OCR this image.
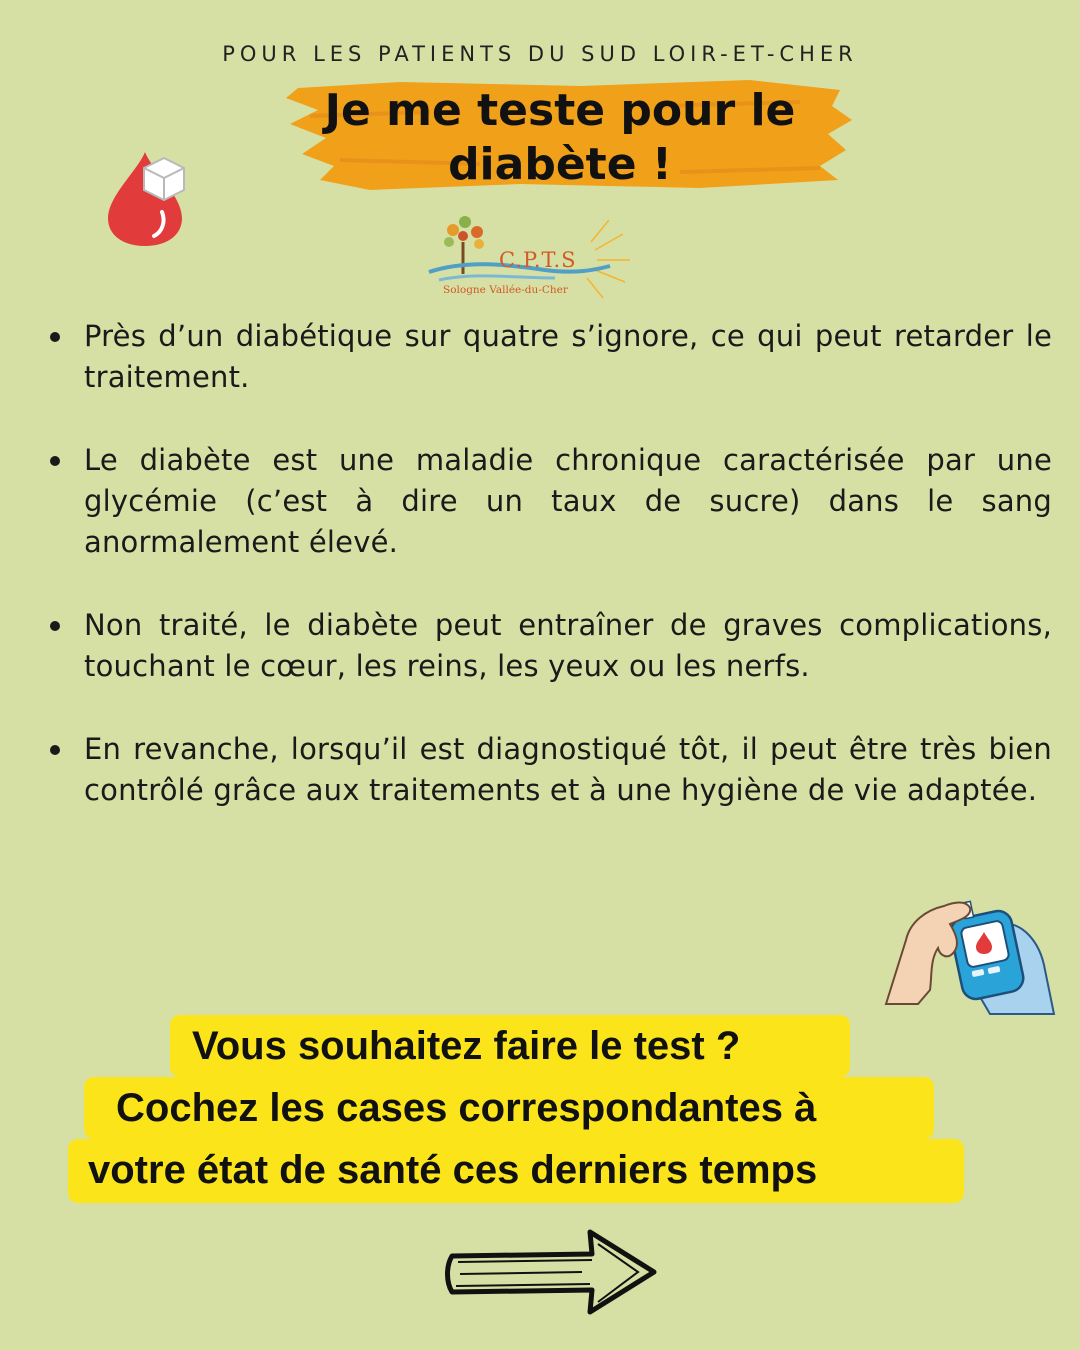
POUR LES PATIENTS DU SUD LOIR-ET-CHER
Je me teste pour le diabète !
C.P.T.S
Sologne Vallée-du-Cher
Près d’un diabétique sur quatre s’ignore, ce qui peut retarder le traitement.
Le diabète est une maladie chronique caractérisée par une glycémie (c’est à dire un taux de sucre) dans le sang anormalement élevé.
Non traité, le diabète peut entraîner de graves complications, touchant le cœur, les reins, les yeux ou les nerfs.
En revanche, lorsqu’il est diagnostiqué tôt, il peut être très bien contrôlé grâce aux traitements et à une hygiène de vie adaptée.
Vous souhaitez faire le test ?
Cochez les cases correspondantes à
votre état de santé ces derniers temps
